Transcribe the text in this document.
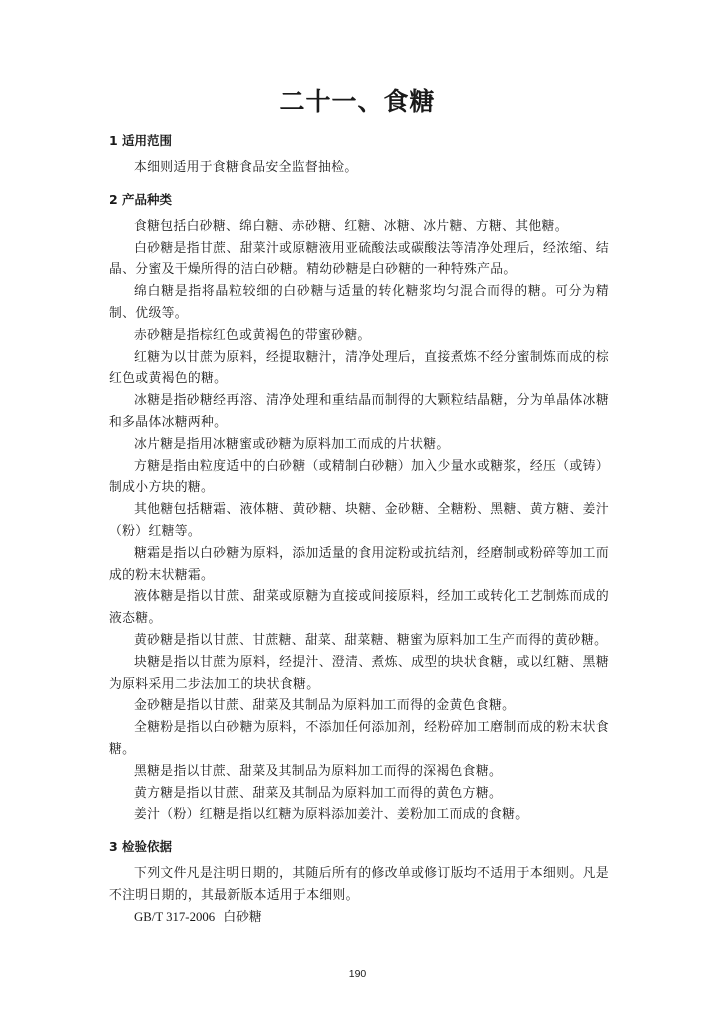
二十一、食糖
1 适用范围

本细则适用于食糖食品安全监督抽检。

2 产品种类

食糖包括白砂糖、绵白糖、赤砂糖、红糖、冰糖、冰片糖、方糖、其他糖。

白砂糖是指甘蔗、甜菜汁或原糖液用亚硫酸法或碳酸法等清净处理后，经浓缩、结晶、分蜜及干燥所得的洁白砂糖。精幼砂糖是白砂糖的一种特殊产品。

绵白糖是指将晶粒较细的白砂糖与适量的转化糖浆均匀混合而得的糖。可分为精制、优级等。

赤砂糖是指棕红色或黄褐色的带蜜砂糖。

红糖为以甘蔗为原料，经提取糖汁，清净处理后，直接煮炼不经分蜜制炼而成的棕红色或黄褐色的糖。

冰糖是指砂糖经再溶、清净处理和重结晶而制得的大颗粒结晶糖，分为单晶体冰糖和多晶体冰糖两种。

冰片糖是指用冰糖蜜或砂糖为原料加工而成的片状糖。

方糖是指由粒度适中的白砂糖（或精制白砂糖）加入少量水或糖浆，经压（或铸）制成小方块的糖。

其他糖包括糖霜、液体糖、黄砂糖、块糖、金砂糖、全糖粉、黑糖、黄方糖、姜汁（粉）红糖等。

糖霜是指以白砂糖为原料，添加适量的食用淀粉或抗结剂，经磨制或粉碎等加工而成的粉末状糖霜。

液体糖是指以甘蔗、甜菜或原糖为直接或间接原料，经加工或转化工艺制炼而成的液态糖。

黄砂糖是指以甘蔗、甘蔗糖、甜菜、甜菜糖、糖蜜为原料加工生产而得的黄砂糖。

块糖是指以甘蔗为原料，经提汁、澄清、煮炼、成型的块状食糖，或以红糖、黑糖为原料采用二步法加工的块状食糖。

金砂糖是指以甘蔗、甜菜及其制品为原料加工而得的金黄色食糖。

全糖粉是指以白砂糖为原料，不添加任何添加剂，经粉碎加工磨制而成的粉末状食糖。

黑糖是指以甘蔗、甜菜及其制品为原料加工而得的深褐色食糖。

黄方糖是指以甘蔗、甜菜及其制品为原料加工而得的黄色方糖。

姜汁（粉）红糖是指以红糖为原料添加姜汁、姜粉加工而成的食糖。

3 检验依据

下列文件凡是注明日期的，其随后所有的修改单或修订版均不适用于本细则。凡是不注明日期的，其最新版本适用于本细则。

GB/T 317-2006 白砂糖

190
